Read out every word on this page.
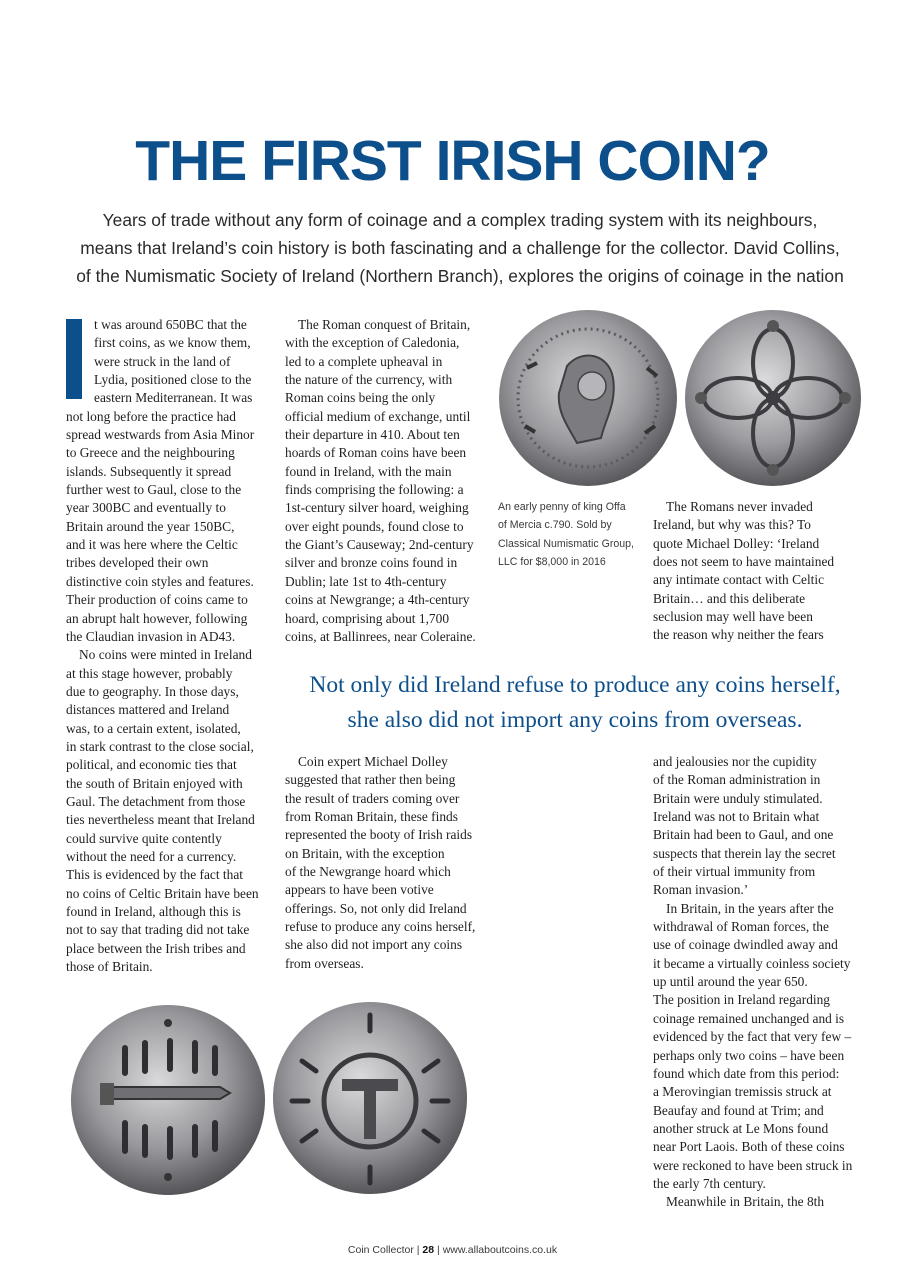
THE FIRST IRISH COIN?

Years of trade without any form of coinage and a complex trading system with its neighbours,

means that Ireland’s coin history is both fascinating and a challenge for the collector. David Collins,

of the Numismatic Society of Ireland (Northern Branch), explores the origins of coinage in the nation

t was around 650BC that the

first coins, as we know them,

were struck in the land of

Lydia, positioned close to the

eastern Mediterranean. It was

not long before the practice had

spread westwards from Asia Minor

to Greece and the neighbouring

islands. Subsequently it spread

further west to Gaul, close to the

year 300BC and eventually to

Britain around the year 150BC,

and it was here where the Celtic

tribes developed their own

distinctive coin styles and features.

Their production of coins came to

an abrupt halt however, following

the Claudian invasion in AD43.

No coins were minted in Ireland

at this stage however, probably

due to geography. In those days,

distances mattered and Ireland

was, to a certain extent, isolated,

in stark contrast to the close social,

political, and economic ties that

the south of Britain enjoyed with

Gaul. The detachment from those

ties nevertheless meant that Ireland

could survive quite contently

without the need for a currency.

This is evidenced by the fact that

no coins of Celtic Britain have been

found in Ireland, although this is

not to say that trading did not take

place between the Irish tribes and

those of Britain.

The Roman conquest of Britain,

with the exception of Caledonia,

led to a complete upheaval in

the nature of the currency, with

Roman coins being the only

official medium of exchange, until

their departure in 410. About ten

hoards of Roman coins have been

found in Ireland, with the main

finds comprising the following: a

1st-century silver hoard, weighing

over eight pounds, found close to

the Giant’s Causeway; 2nd-century

silver and bronze coins found in

Dublin; late 1st to 4th-century

coins at Newgrange; a 4th-century

hoard, comprising about 1,700

coins, at Ballinrees, near Coleraine.

An early penny of king Offa

of Mercia c.790. Sold by

Classical Numismatic Group,

LLC for $8,000 in 2016

The Romans never invaded

Ireland, but why was this? To

quote Michael Dolley: ‘Ireland

does not seem to have maintained

any intimate contact with Celtic

Britain… and this deliberate

seclusion may well have been

the reason why neither the fears

Not only did Ireland refuse to produce any coins herself,

she also did not import any coins from overseas.

Coin expert Michael Dolley

suggested that rather then being

the result of traders coming over

from Roman Britain, these finds

represented the booty of Irish raids

on Britain, with the exception

of the Newgrange hoard which

appears to have been votive

offerings. So, not only did Ireland

refuse to produce any coins herself,

she also did not import any coins

from overseas.

and jealousies nor the cupidity

of the Roman administration in

Britain were unduly stimulated.

Ireland was not to Britain what

Britain had been to Gaul, and one

suspects that therein lay the secret

of their virtual immunity from

Roman invasion.’

In Britain, in the years after the

withdrawal of Roman forces, the

use of coinage dwindled away and

it became a virtually coinless society

up until around the year 650.

The position in Ireland regarding

coinage remained unchanged and is

evidenced by the fact that very few –

perhaps only two coins – have been

found which date from this period:

a Merovingian tremissis struck at

Beaufay and found at Trim; and

another struck at Le Mons found

near Port Laois. Both of these coins

were reckoned to have been struck in

the early 7th century.

Meanwhile in Britain, the 8th

Coin Collector | 28 | www.allaboutcoins.co.uk
